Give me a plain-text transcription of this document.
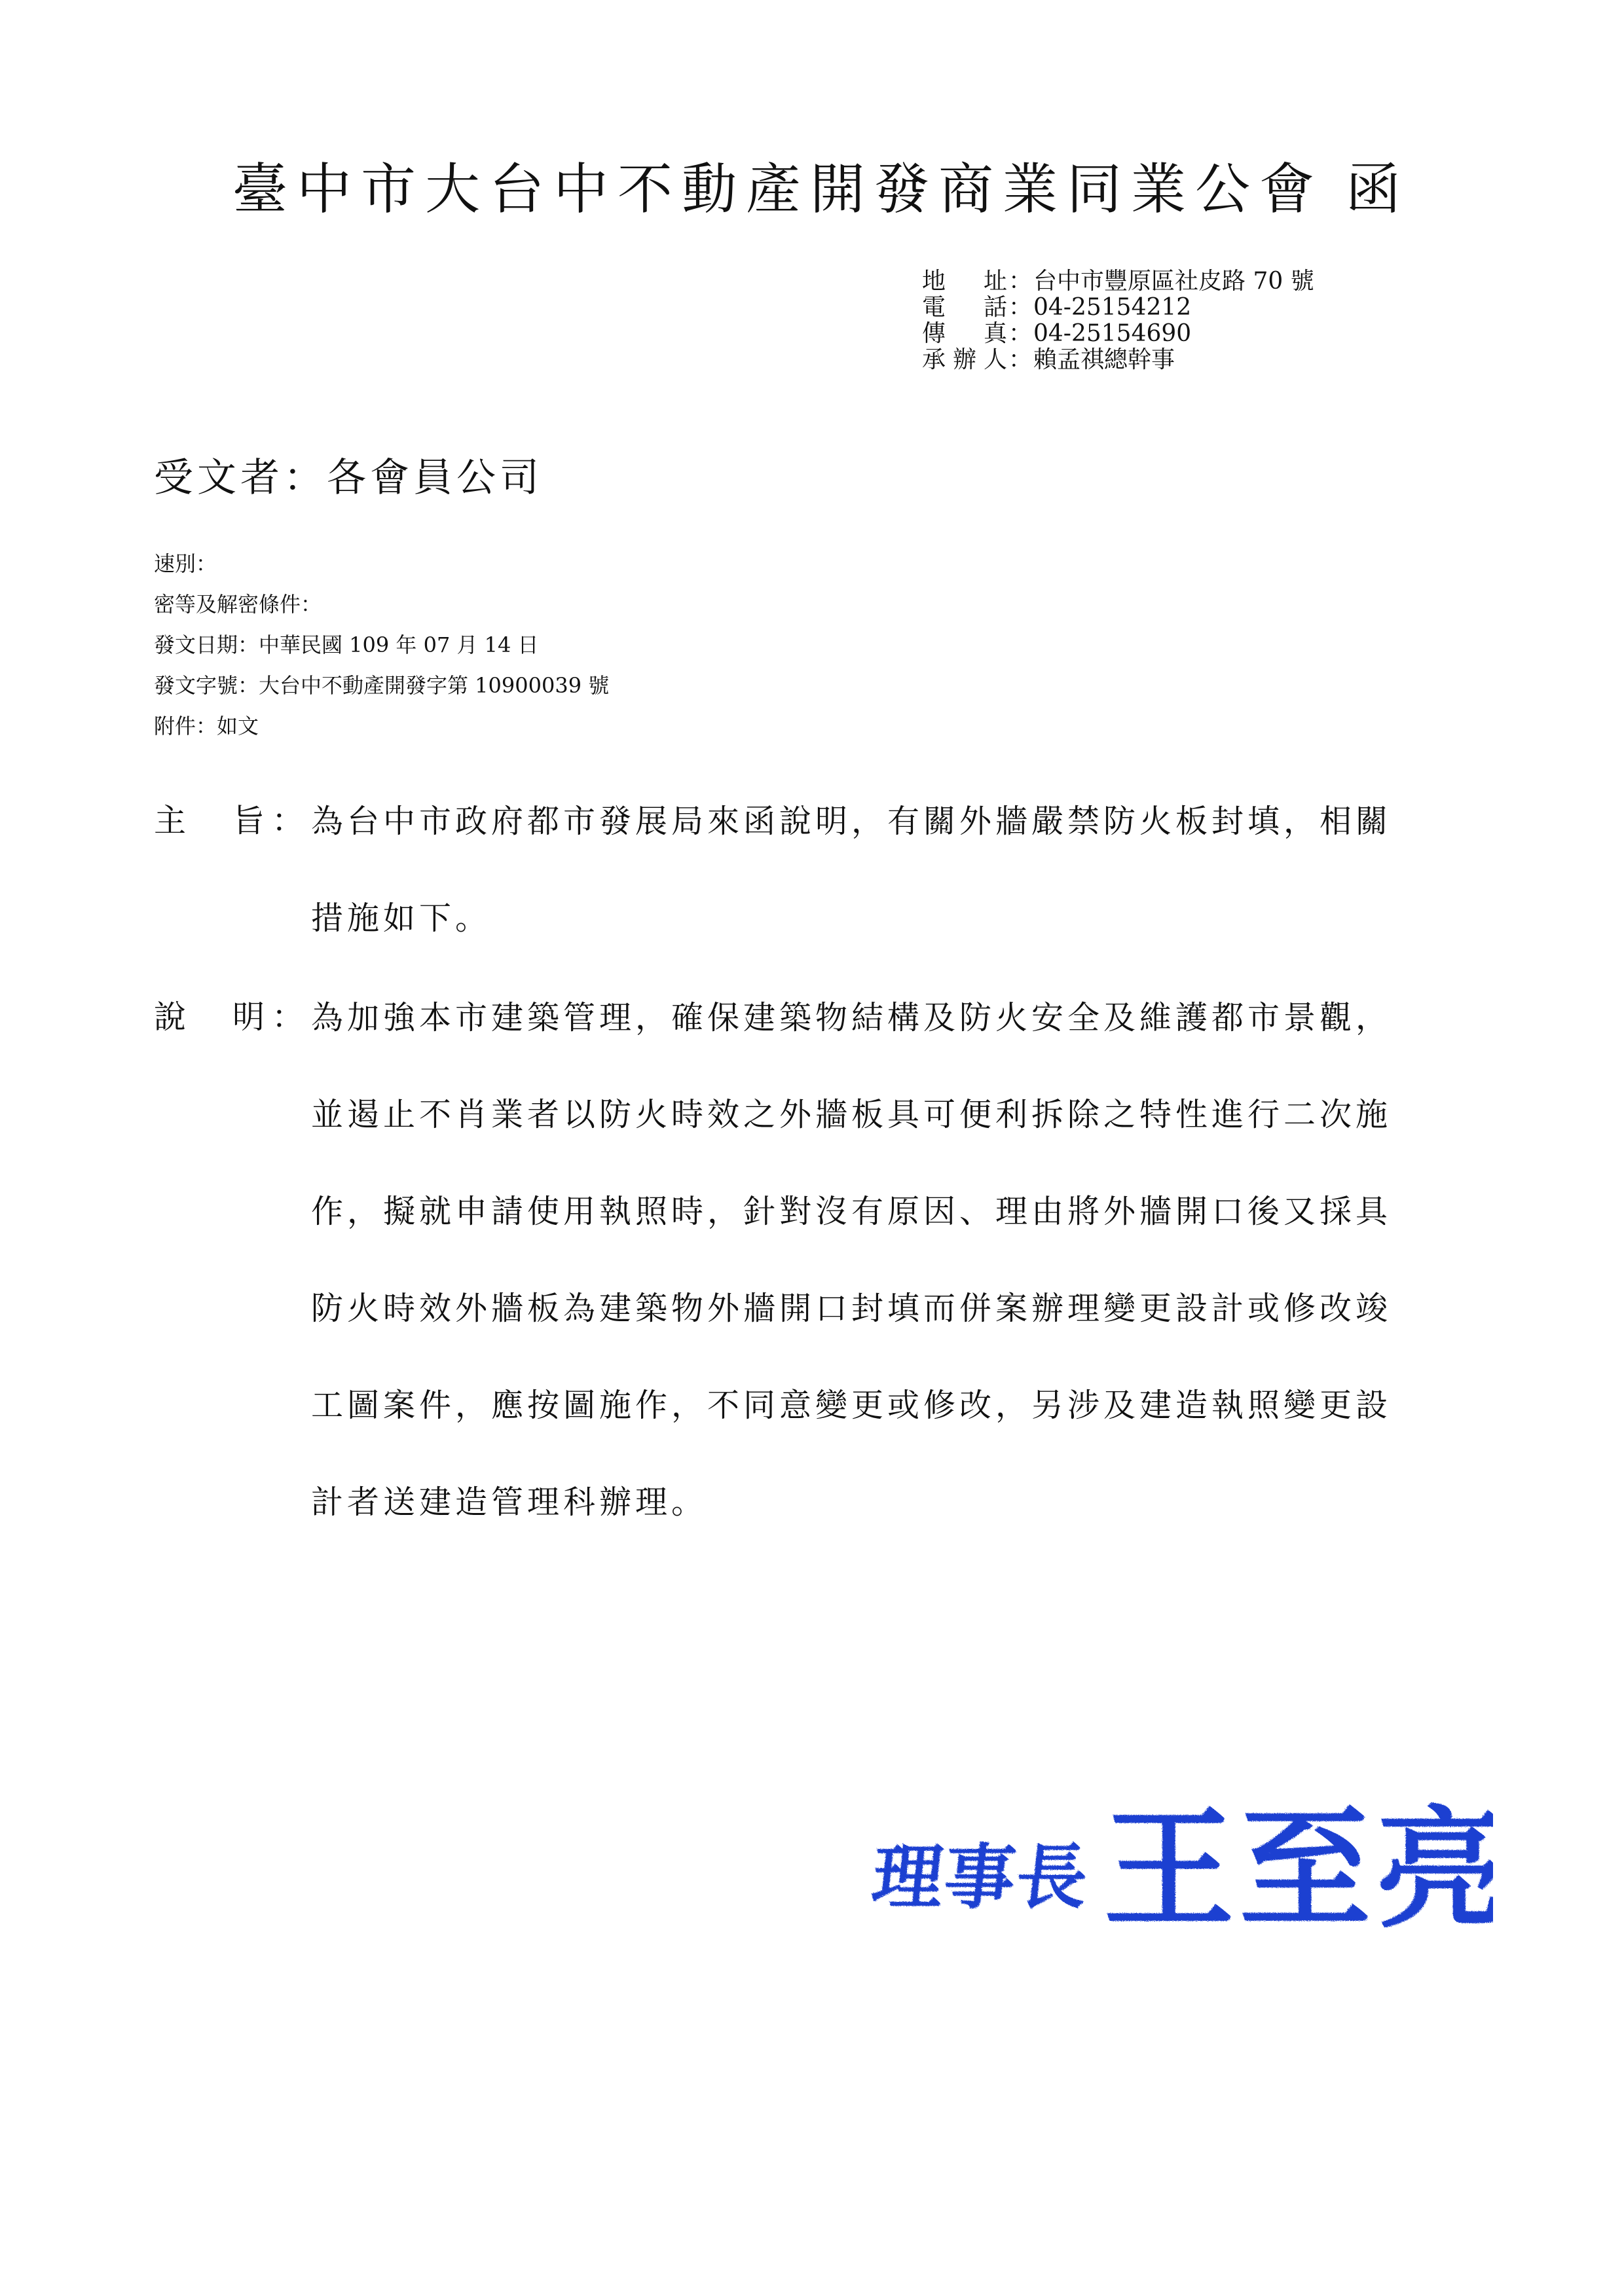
臺中市大台中不動產開發商業同業公會 函
地址 ： 台中市豐原區社皮路 70 號
電話 ： 04-25154212
傳真 ： 04-25154690
承辦人 ： 賴孟祺總幹事
受文者：各會員公司
速別：
密等及解密條件：
發文日期：中華民國 109 年 07 月 14 日
發文字號：大台中不動產開發字第 10900039 號
附件：如文
主 旨 ： 為台中市政府都市發展局來函說明，有關外牆嚴禁防火板封填，相關
措施如下。
說 明 ： 為加強本市建築管理，確保建築物結構及防火安全及維護都市景觀，
並遏止不肖業者以防火時效之外牆板具可便利拆除之特性進行二次施
作，擬就申請使用執照時，針對沒有原因、理由將外牆開口後又採具
防火時效外牆板為建築物外牆開口封填而併案辦理變更設計或修改竣
工圖案件，應按圖施作，不同意變更或修改，另涉及建造執照變更設
計者送建造管理科辦理。
理事長 王至亮
